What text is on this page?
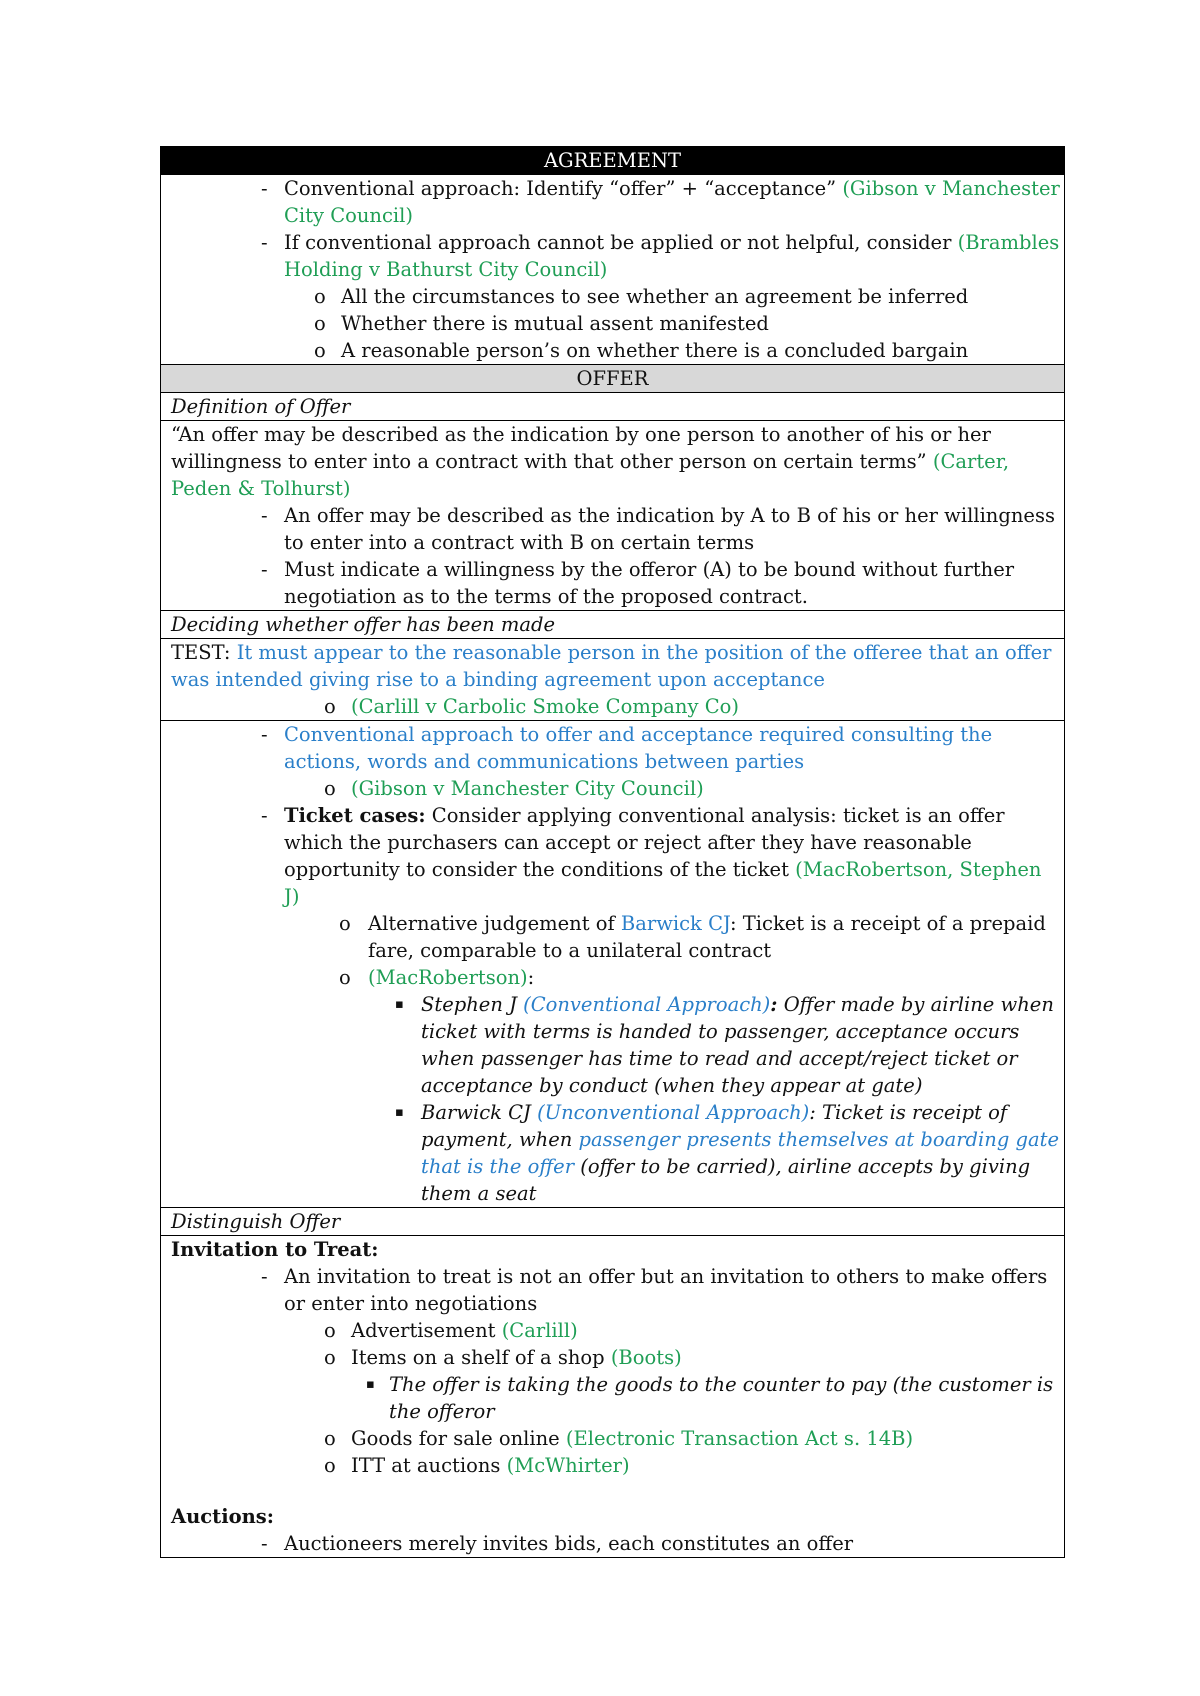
AGREEMENT
- Conventional approach: Identify “offer” + “acceptance” (Gibson v Manchester City Council)
- If conventional approach cannot be applied or not helpful, consider (Brambles Holding v Bathurst City Council)
o All the circumstances to see whether an agreement be inferred
o Whether there is mutual assent manifested
o A reasonable person’s on whether there is a concluded bargain
OFFER
Definition of Offer
“An offer may be described as the indication by one person to another of his or her willingness to enter into a contract with that other person on certain terms” (Carter, Peden & Tolhurst)
- An offer may be described as the indication by A to B of his or her willingness to enter into a contract with B on certain terms
- Must indicate a willingness by the offeror (A) to be bound without further negotiation as to the terms of the proposed contract.
Deciding whether offer has been made
TEST: It must appear to the reasonable person in the position of the offeree that an offer was intended giving rise to a binding agreement upon acceptance
o (Carlill v Carbolic Smoke Company Co)
- Conventional approach to offer and acceptance required consulting the actions, words and communications between parties
o (Gibson v Manchester City Council)
- Ticket cases: Consider applying conventional analysis: ticket is an offer which the purchasers can accept or reject after they have reasonable opportunity to consider the conditions of the ticket (MacRobertson, Stephen J)
o Alternative judgement of Barwick CJ: Ticket is a receipt of a prepaid fare, comparable to a unilateral contract
o (MacRobertson):
▪ Stephen J (Conventional Approach): Offer made by airline when ticket with terms is handed to passenger, acceptance occurs when passenger has time to read and accept/reject ticket or acceptance by conduct (when they appear at gate)
▪ Barwick CJ (Unconventional Approach): Ticket is receipt of payment, when passenger presents themselves at boarding gate that is the offer (offer to be carried), airline accepts by giving them a seat
Distinguish Offer
Invitation to Treat:
- An invitation to treat is not an offer but an invitation to others to make offers or enter into negotiations
o Advertisement (Carlill)
o Items on a shelf of a shop (Boots)
▪ The offer is taking the goods to the counter to pay (the customer is the offeror
o Goods for sale online (Electronic Transaction Act s. 14B)
o ITT at auctions (McWhirter)
Auctions:
- Auctioneers merely invites bids, each constitutes an offer
